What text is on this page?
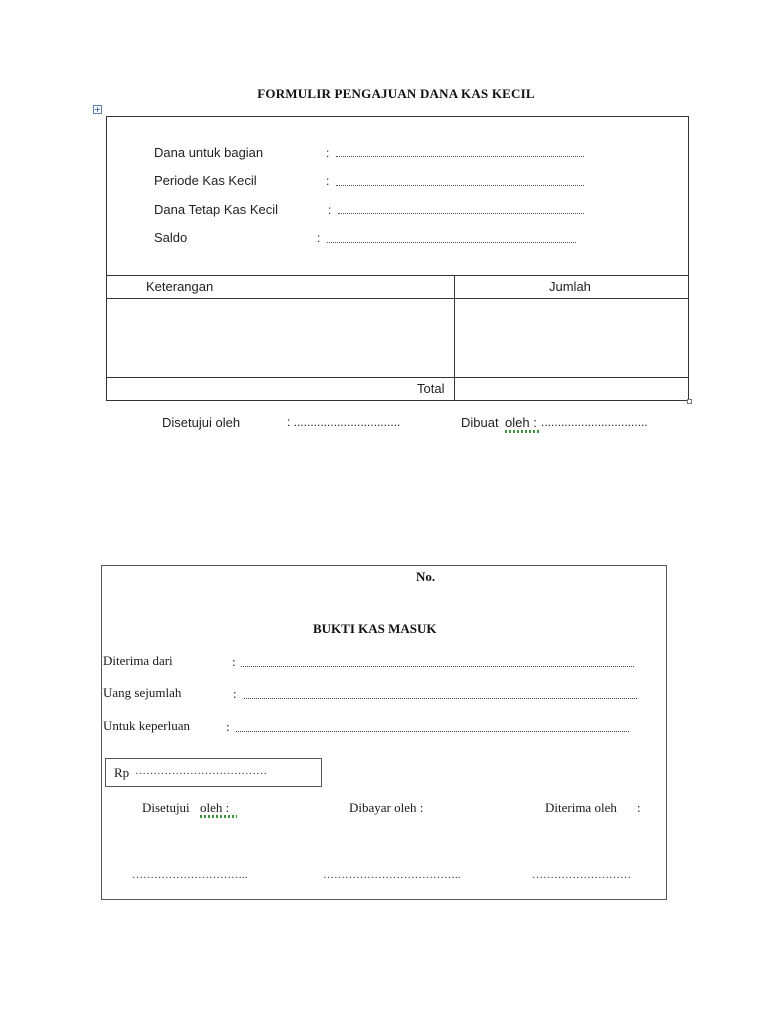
FORMULIR PENGAJUAN DANA KAS KECIL
Dana untuk bagian	:
Periode Kas Kecil	:
Dana Tetap Kas Kecil	:
Saldo	:
Keterangan	Jumlah
Total
Disetujui oleh	: ................................	Dibuat oleh : ................................
No.
BUKTI KAS MASUK
Diterima dari	:
Uang sejumlah	:
Untuk keperluan	:
Rp ………………………………
Disetujui oleh :	Dibayar oleh :	Diterima oleh :
…………………………..	………………………………..	………………………
